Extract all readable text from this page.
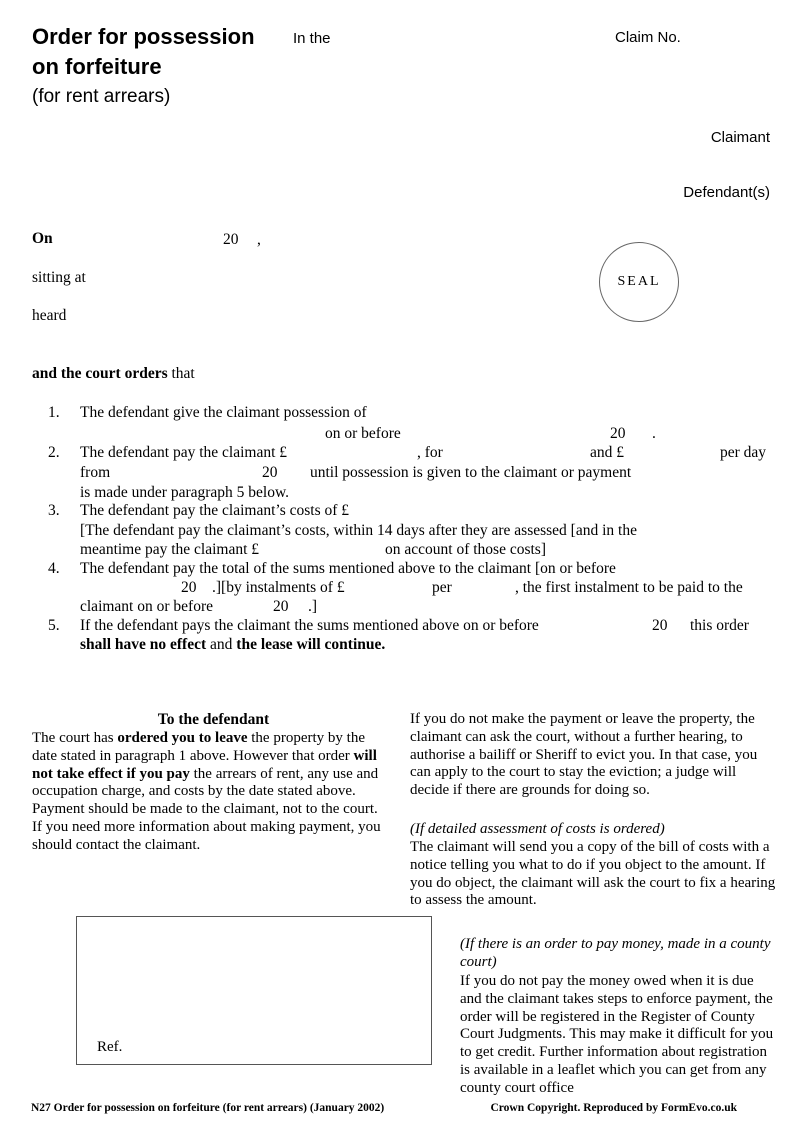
Order for possession
on forfeiture
(for rent arrears)
In the	Claim No.
Claimant
Defendant(s)
On	20 ,
sitting at
heard
SEAL
and the court orders that
1. The defendant give the claimant possession of
on or before	20 .
2. The defendant pay the claimant £	, for	and £	per day
from	20 until possession is given to the claimant or payment
is made under paragraph 5 below.
3. The defendant pay the claimant’s costs of £
[The defendant pay the claimant’s costs, within 14 days after they are assessed [and in the
meantime pay the claimant £	on account of those costs]
4. The defendant pay the total of the sums mentioned above to the claimant [on or before
20 .][by instalments of £	per	, the first instalment to be paid to the
claimant on or before	20 .]
5. If the defendant pays the claimant the sums mentioned above on or before	20 this order
shall have no effect and the lease will continue.
To the defendant
The court has ordered you to leave the property by the
date stated in paragraph 1 above. However that order will
not take effect if you pay the arrears of rent, any use and
occupation charge, and costs by the date stated above.
Payment should be made to the claimant, not to the court.
If you need more information about making payment, you
should contact the claimant.
If you do not make the payment or leave the property, the
claimant can ask the court, without a further hearing, to
authorise a bailiff or Sheriff to evict you. In that case, you
can apply to the court to stay the eviction; a judge will
decide if there are grounds for doing so.
(If detailed assessment of costs is ordered)
The claimant will send you a copy of the bill of costs with a
notice telling you what to do if you object to the amount. If
you do object, the claimant will ask the court to fix a hearing
to assess the amount.
(If there is an order to pay money, made in a county
court)
If you do not pay the money owed when it is due
and the claimant takes steps to enforce payment, the
order will be registered in the Register of County
Court Judgments. This may make it difficult for you
to get credit. Further information about registration
is available in a leaflet which you can get from any
county court office
Ref.
N27 Order for possession on forfeiture (for rent arrears) (January 2002)	Crown Copyright. Reproduced by FormEvo.co.uk
